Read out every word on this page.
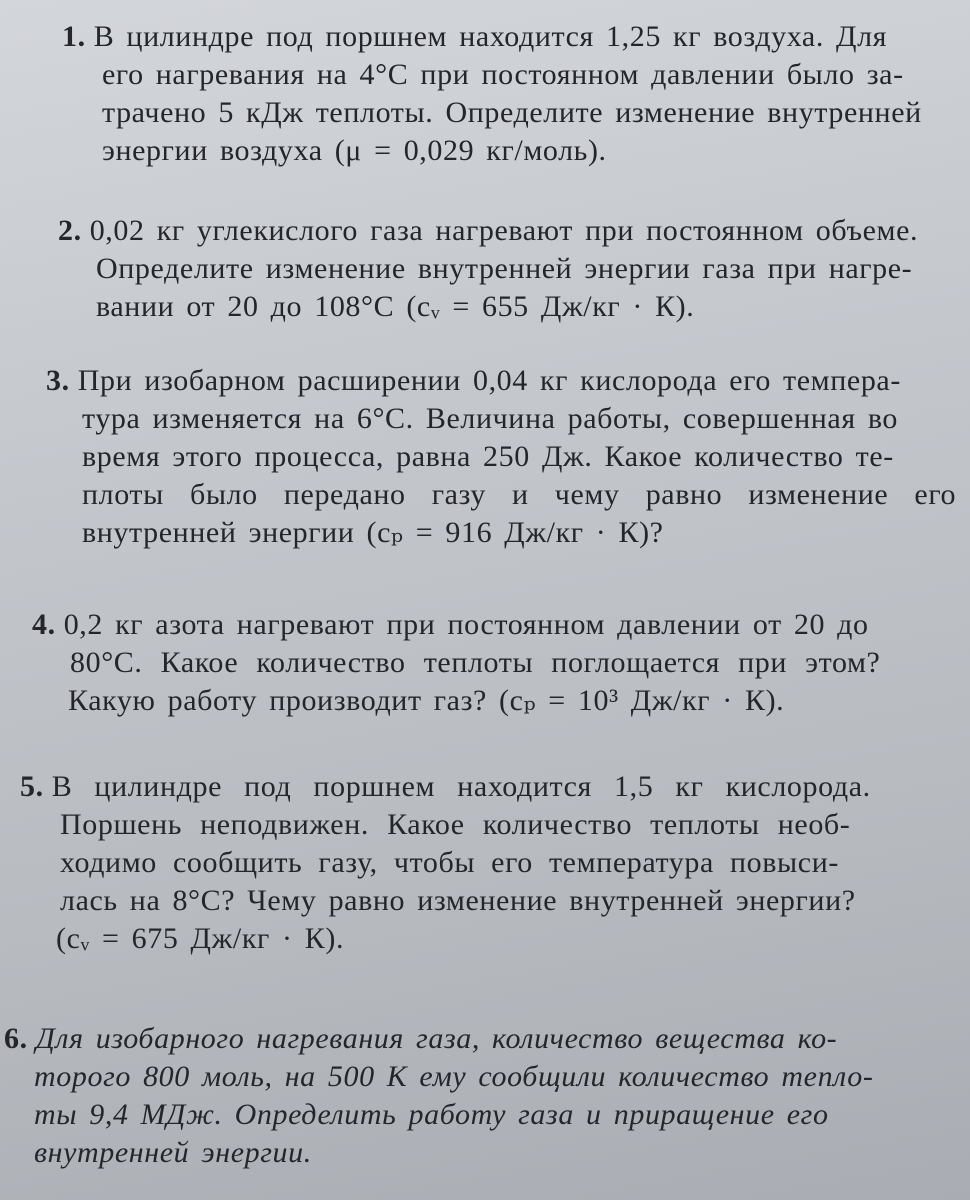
1. В цилиндре под поршнем находится 1,25 кг воздуха. Для
его нагревания на 4°С при постоянном давлении было за-
трачено 5 кДж теплоты. Определите изменение внутренней
энергии воздуха (μ = 0,029 кг/моль).
2. 0,02 кг углекислого газа нагревают при постоянном объеме.
Определите изменение внутренней энергии газа при нагре-
вании от 20 до 108°С (cᵥ = 655 Дж/кг · К).
3. При изобарном расширении 0,04 кг кислорода его темпера-
тура изменяется на 6°С. Величина работы, совершенная во
время этого процесса, равна 250 Дж. Какое количество те-
плоты было передано газу и чему равно изменение его
внутренней энергии (cₚ = 916 Дж/кг · К)?
4. 0,2 кг азота нагревают при постоянном давлении от 20 до
80°С. Какое количество теплоты поглощается при этом?
Какую работу производит газ? (cₚ = 10³ Дж/кг · К).
5. В цилиндре под поршнем находится 1,5 кг кислорода.
Поршень неподвижен. Какое количество теплоты необ-
ходимо сообщить газу, чтобы его температура повыси-
лась на 8°С? Чему равно изменение внутренней энергии?
(cᵥ = 675 Дж/кг · К).
6. Для изобарного нагревания газа, количество вещества ко-
торого 800 моль, на 500 К ему сообщили количество тепло-
ты 9,4 МДж. Определить работу газа и приращение его
внутренней энергии.
